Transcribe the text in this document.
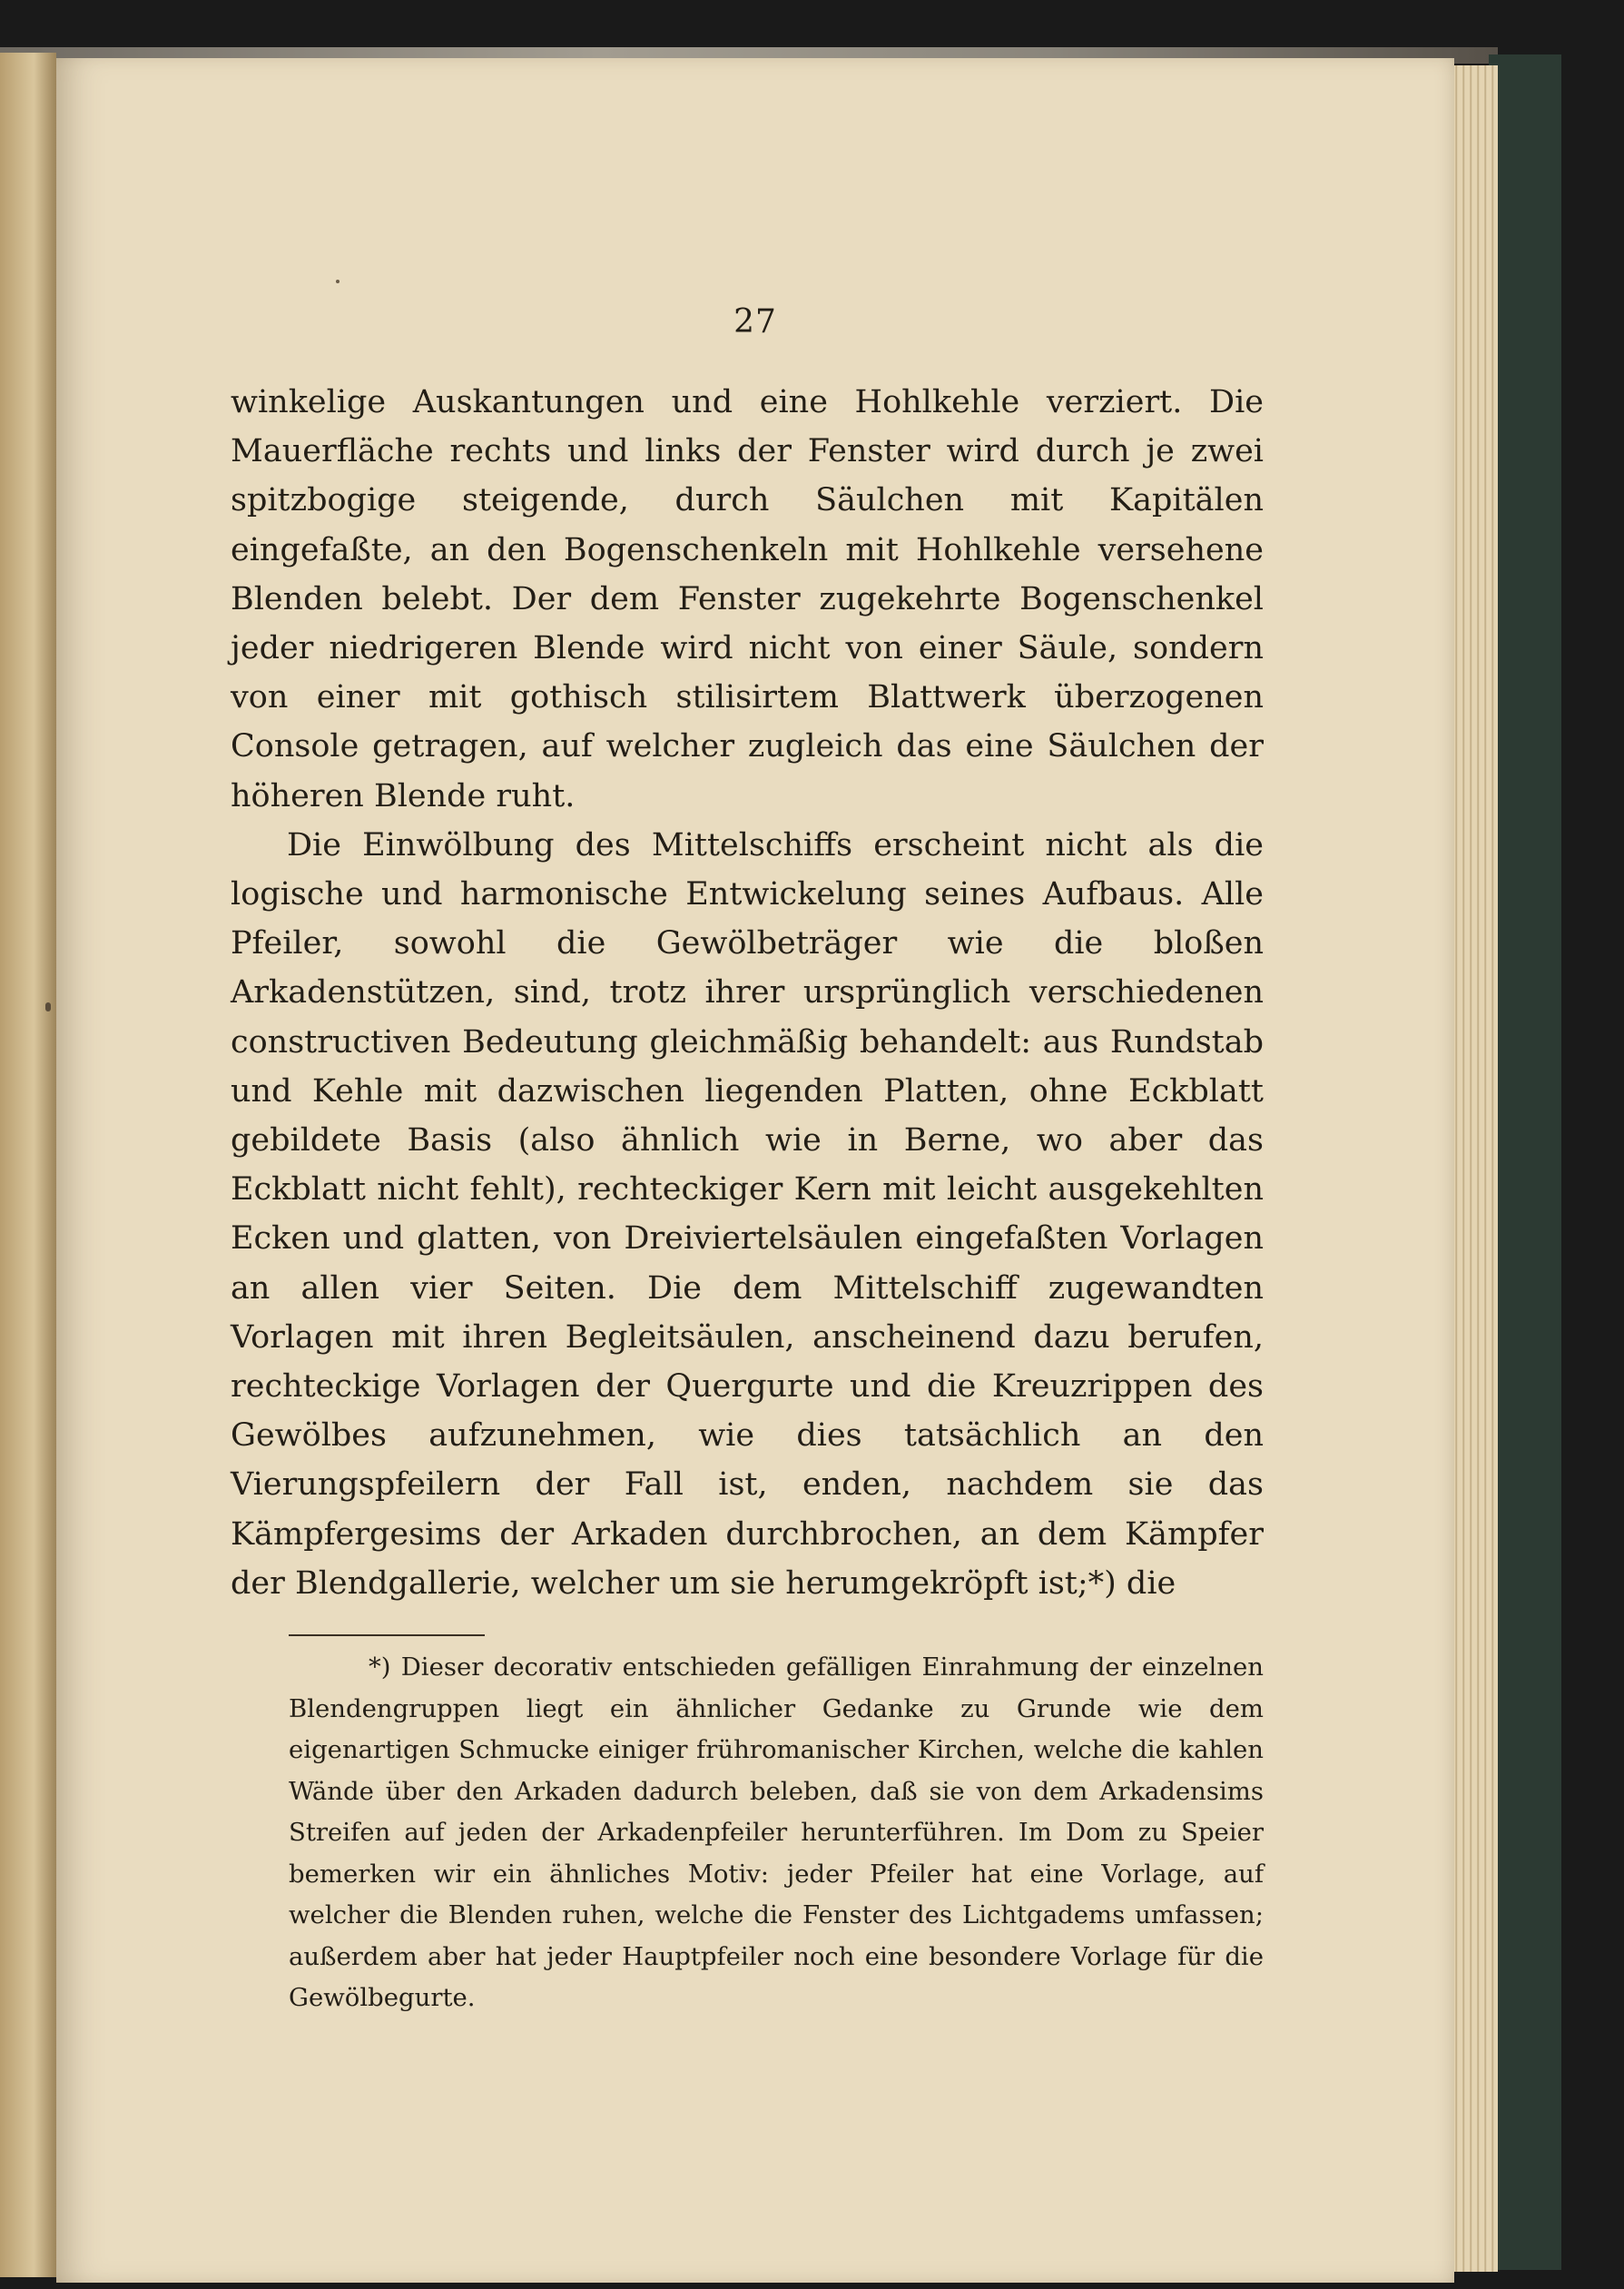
27

winkelige Auskantungen und eine Hohlkehle verziert. Die Mauerfläche rechts und links der Fenster wird durch je zwei spitzbogige steigende, durch Säulchen mit Kapitälen eingefaßte, an den Bogenschenkeln mit Hohlkehle versehene Blenden belebt. Der dem Fenster zugekehrte Bogenschenkel jeder niedrigeren Blende wird nicht von einer Säule, sondern von einer mit gothisch stilisirtem Blattwerk überzogenen Console getragen, auf welcher zugleich das eine Säulchen der höheren Blende ruht.

Die Einwölbung des Mittelschiffs erscheint nicht als die logische und harmonische Entwickelung seines Aufbaus. Alle Pfeiler, sowohl die Gewölbeträger wie die bloßen Arkadenstützen, sind, trotz ihrer ursprünglich verschiedenen constructiven Bedeutung gleichmäßig behandelt: aus Rundstab und Kehle mit dazwischen liegenden Platten, ohne Eckblatt gebildete Basis (also ähnlich wie in Berne, wo aber das Eckblatt nicht fehlt), rechteckiger Kern mit leicht ausgekehlten Ecken und glatten, von Dreiviertelsäulen eingefaßten Vorlagen an allen vier Seiten. Die dem Mittelschiff zugewandten Vorlagen mit ihren Begleitsäulen, anscheinend dazu berufen, rechteckige Vorlagen der Quergurte und die Kreuzrippen des Gewölbes aufzunehmen, wie dies tatsächlich an den Vierungspfeilern der Fall ist, enden, nachdem sie das Kämpfergesims der Arkaden durchbrochen, an dem Kämpfer der Blendgallerie, welcher um sie herumgekröpft ist;*) die

*) Dieser decorativ entschieden gefälligen Einrahmung der einzelnen Blendengruppen liegt ein ähnlicher Gedanke zu Grunde wie dem eigenartigen Schmucke einiger frühromanischer Kirchen, welche die kahlen Wände über den Arkaden dadurch beleben, daß sie von dem Arkadensims Streifen auf jeden der Arkadenpfeiler herunterführen. Im Dom zu Speier bemerken wir ein ähnliches Motiv: jeder Pfeiler hat eine Vorlage, auf welcher die Blenden ruhen, welche die Fenster des Lichtgadems umfassen; außerdem aber hat jeder Hauptpfeiler noch eine besondere Vorlage für die Gewölbegurte.
